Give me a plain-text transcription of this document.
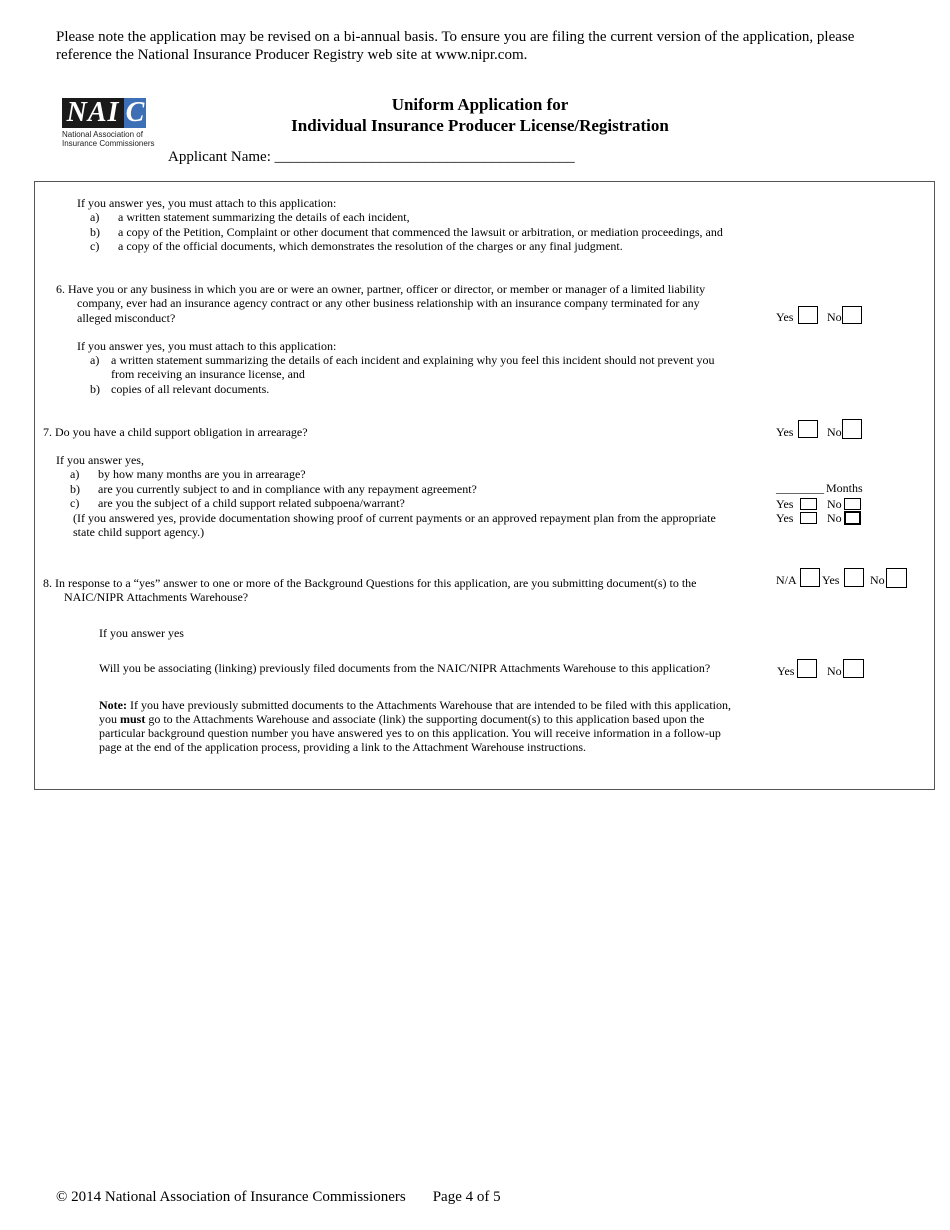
Please note the application may be revised on a bi-annual basis. To ensure you are filing the current version of the application, please reference the National Insurance Producer Registry web site at www.nipr.com.
NAI C
National Association of
Insurance Commissioners
Uniform Application for
Individual Insurance Producer License/Registration
Applicant Name: ________________________________________
If you answer yes, you must attach to this application:
a) a written statement summarizing the details of each incident,
b) a copy of the Petition, Complaint or other document that commenced the lawsuit or arbitration, or mediation proceedings, and
c) a copy of the official documents, which demonstrates the resolution of the charges or any final judgment.
6. Have you or any business in which you are or were an owner, partner, officer or director, or member or manager of a limited liability
company, ever had an insurance agency contract or any other business relationship with an insurance company terminated for any
alleged misconduct?	Yes	No
If you answer yes, you must attach to this application:
a) a written statement summarizing the details of each incident and explaining why you feel this incident should not prevent you
from receiving an insurance license, and
b) copies of all relevant documents.
7. Do you have a child support obligation in arrearage?	Yes	No
If you answer yes,
a) by how many months are you in arrearage?
b) are you currently subject to and in compliance with any repayment agreement?
c) are you the subject of a child support related subpoena/warrant?
(If you answered yes, provide documentation showing proof of current payments or an approved repayment plan from the appropriate
state child support agency.)
________ Months
Yes	No
Yes	No
8. In response to a “yes” answer to one or more of the Background Questions for this application, are you submitting document(s) to the
NAIC/NIPR Attachments Warehouse?
N/A Yes	No
If you answer yes
Will you be associating (linking) previously filed documents from the NAIC/NIPR Attachments Warehouse to this application?	Yes	No
Note: If you have previously submitted documents to the Attachments Warehouse that are intended to be filed with this application,
you must go to the Attachments Warehouse and associate (link) the supporting document(s) to this application based upon the
particular background question number you have answered yes to on this application. You will receive information in a follow-up
page at the end of the application process, providing a link to the Attachment Warehouse instructions.
© 2014 National Association of Insurance Commissioners Page 4 of 5
